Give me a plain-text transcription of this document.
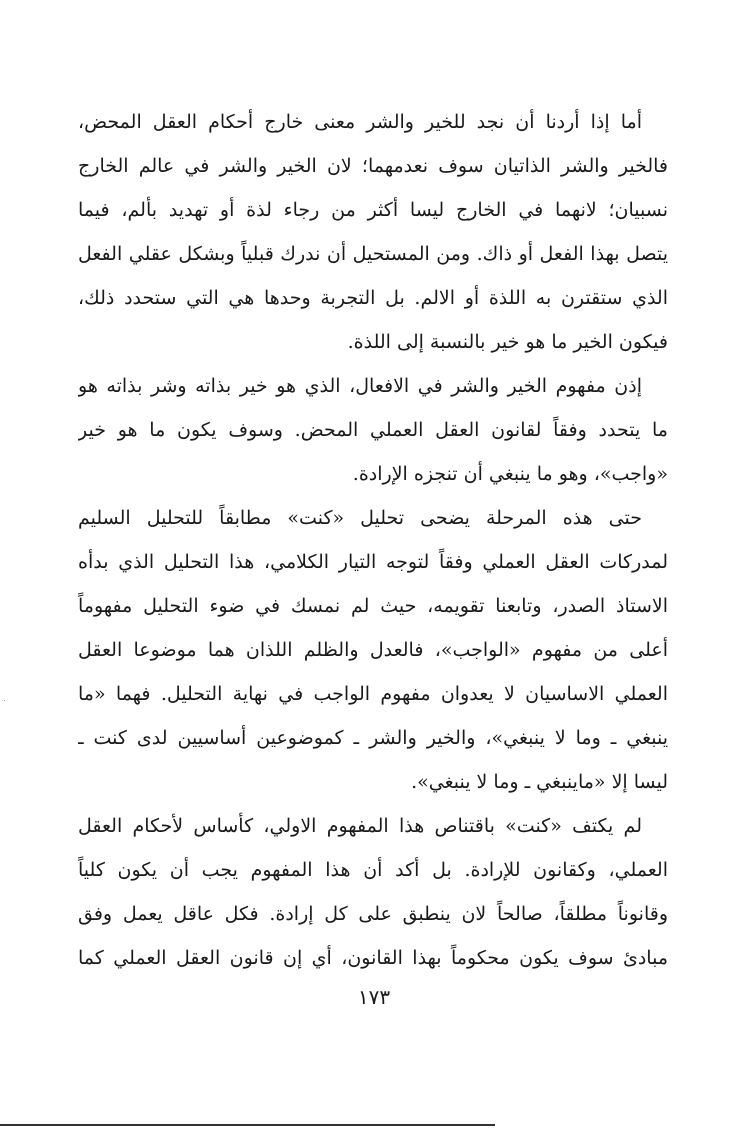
أما إذا أردنا أن نجد للخير والشر معنى خارج أحكام العقل المحض،
فالخير والشر الذاتيان سوف نعدمهما؛ لان الخير والشر في عالم الخارج
نسبيان؛ لانهما في الخارج ليسا أكثر من رجاء لذة أو تهديد بألم، فيما
يتصل بهذا الفعل أو ذاك. ومن المستحيل أن ندرك قبلياً وبشكل عقلي الفعل
الذي ستقترن به اللذة أو الالم. بل التجربة وحدها هي التي ستحدد ذلك،
فيكون الخير ما هو خير بالنسبة إلى اللذة.
إذن مفهوم الخير والشر في الافعال، الذي هو خير بذاته وشر بذاته هو
ما يتحدد وفقاً لقانون العقل العملي المحض. وسوف يكون ما هو خير
«واجب»، وهو ما ينبغي أن تنجزه الإرادة.
حتى هذه المرحلة يضحى تحليل «كنت» مطابقاً للتحليل السليم
لمدركات العقل العملي وفقاً لتوجه التيار الكلامي، هذا التحليل الذي بدأه
الاستاذ الصدر، وتابعنا تقويمه، حيث لم نمسك في ضوء التحليل مفهوماً
أعلى من مفهوم «الواجب»، فالعدل والظلم اللذان هما موضوعا العقل
العملي الاساسيان لا يعدوان مفهوم الواجب في نهاية التحليل. فهما «ما
ينبغي ـ وما لا ينبغي»، والخير والشر ـ كموضوعين أساسيين لدى كنت ـ
ليسا إلا «ماينبغي ـ وما لا ينبغي».
لم يكتف «كنت» باقتناص هذا المفهوم الاولي، كأساس لأحكام العقل
العملي، وكقانون للإرادة. بل أكد أن هذا المفهوم يجب أن يكون كلياً
وقانوناً مطلقاً، صالحاً لان ينطبق على كل إرادة. فكل عاقل يعمل وفق
مبادئ سوف يكون محكوماً بهذا القانون، أي إن قانون العقل العملي كما
١٧٣
